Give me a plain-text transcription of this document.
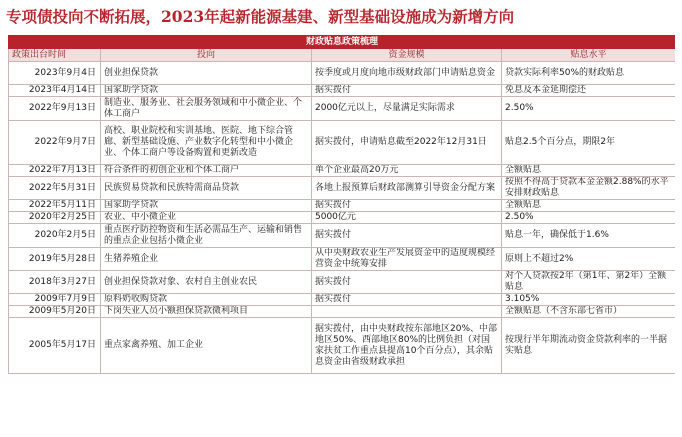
专项债投向不断拓展，2023年起新能源基建、新型基础设施成为新增方向
财政贴息政策梳理			
政策出台时间	投向	资金规模	贴息水平
2023年9月4日	创业担保贷款	按季度或月度向地市级财政部门申请贴息资金	贷款实际利率50%的财政贴息
2023年4月14日	国家助学贷款	据实拨付	免息及本金延期偿还
2022年9月13日	制造业、服务业、社会服务领域和中小微企业、个体工商户	2000亿元以上，尽量满足实际需求	2.50%
2022年9月7日	高校、职业院校和实训基地、医院、地下综合管廊、新型基础设施、产业数字化转型和中小微企业、个体工商户等设备购置和更新改造	据实拨付，申请贴息截至2022年12月31日	贴息2.5个百分点，期限2年
2022年7月13日	符合条件的初创企业和个体工商户	单个企业最高20万元	全额贴息
2022年5月31日	民族贸易贷款和民族特需商品贷款	各地上报预算后财政部测算引导资金分配方案	按照不得高于贷款本金金额2.88%的水平安排财政贴息
2022年5月11日	国家助学贷款	据实拨付	全额贴息
2020年2月25日	农业、中小微企业	5000亿元	2.50%
2020年2月5日	重点医疗防控物资和生活必需品生产、运输和销售的重点企业包括小微企业	据实拨付	贴息一年，确保低于1.6%
2019年5月28日	生猪养殖企业	从中央财政农业生产发展资金中的适度规模经营资金中统筹安排	原则上不超过2%
2018年3月27日	创业担保贷款对象、农村自主创业农民	据实拨付	对个人贷款按2年（第1年、第2年）全额贴息
2009年7月9日	原料奶收购贷款	据实拨付	3.105%
2009年5月20日	下岗失业人员小额担保贷款微利项目		全额贴息（不含东部七省市）
2005年5月17日	重点家禽养殖、加工企业	据实拨付，由中央财政按东部地区20%、中部地区50%、西部地区80%的比例负担（对国家扶贫工作重点县提高10个百分点），其余贴息资金由省级财政承担	按现行半年期流动资金贷款利率的一半据实贴息
